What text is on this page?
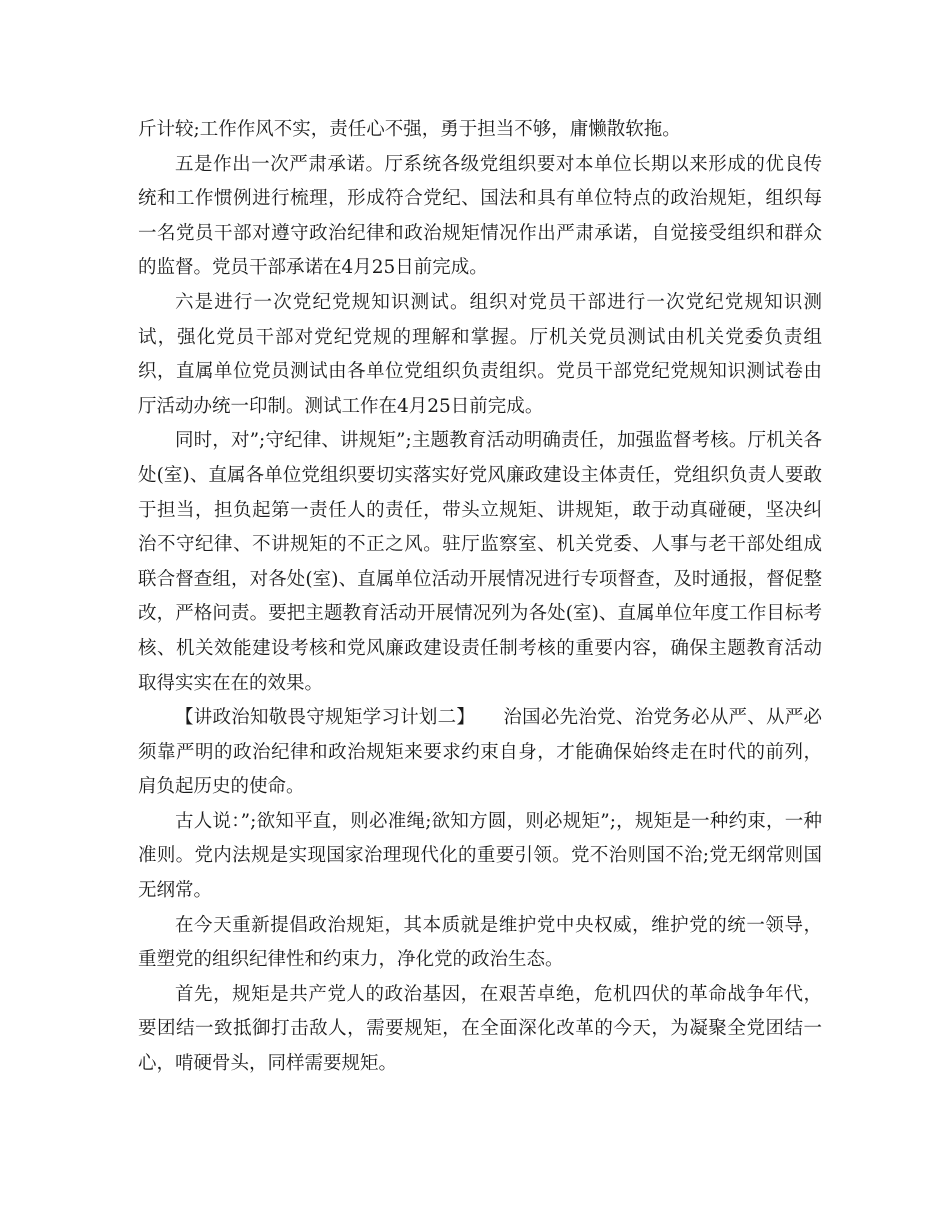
斤计较;工作作风不实，责任心不强，勇于担当不够，庸懒散软拖。

五是作出一次严肃承诺。厅系统各级党组织要对本单位长期以来形成的优良传统和工作惯例进行梳理，形成符合党纪、国法和具有单位特点的政治规矩，组织每一名党员干部对遵守政治纪律和政治规矩情况作出严肃承诺，自觉接受组织和群众的监督。党员干部承诺在4月25日前完成。

六是进行一次党纪党规知识测试。组织对党员干部进行一次党纪党规知识测试，强化党员干部对党纪党规的理解和掌握。厅机关党员测试由机关党委负责组织，直属单位党员测试由各单位党组织负责组织。党员干部党纪党规知识测试卷由厅活动办统一印制。测试工作在4月25日前完成。

同时，对”;守纪律、讲规矩”;主题教育活动明确责任，加强监督考核。厅机关各处(室)、直属各单位党组织要切实落实好党风廉政建设主体责任，党组织负责人要敢于担当，担负起第一责任人的责任，带头立规矩、讲规矩，敢于动真碰硬，坚决纠治不守纪律、不讲规矩的不正之风。驻厅监察室、机关党委、人事与老干部处组成联合督查组，对各处(室)、直属单位活动开展情况进行专项督查，及时通报，督促整改，严格问责。要把主题教育活动开展情况列为各处(室)、直属单位年度工作目标考核、机关效能建设考核和党风廉政建设责任制考核的重要内容，确保主题教育活动取得实实在在的效果。

【讲政治知敬畏守规矩学习计划二】　　治国必先治党、治党务必从严、从严必须靠严明的政治纪律和政治规矩来要求约束自身，才能确保始终走在时代的前列，肩负起历史的使命。

古人说：”;欲知平直，则必准绳;欲知方圆，则必规矩”;，规矩是一种约束，一种准则。党内法规是实现国家治理现代化的重要引领。党不治则国不治;党无纲常则国无纲常。

在今天重新提倡政治规矩，其本质就是维护党中央权威，维护党的统一领导，重塑党的组织纪律性和约束力，净化党的政治生态。

首先，规矩是共产党人的政治基因，在艰苦卓绝，危机四伏的革命战争年代，要团结一致抵御打击敌人，需要规矩，在全面深化改革的今天，为凝聚全党团结一心，啃硬骨头，同样需要规矩。
